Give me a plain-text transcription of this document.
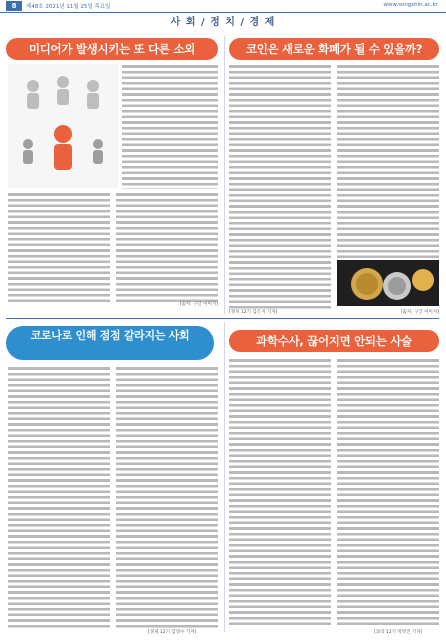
8	제48호 2021년 11월 25일 목요일	www.songshin.ac.kr
사 회 / 정 치 / 경 제
미디어가 발생시키는 또 다른 소외	코인은 새로운 화폐가 될 수 있을까?
[출처: 구글 이미지]
[출처: 구글 이미지]
[정치 12기 김은지 기자]
코로나로 인해 점점 갈라지는 사회
[경제 12기 김영수 기자]
과학수사, 끊어지면 안되는 사슬
[과학 12기 박영진 기자]
